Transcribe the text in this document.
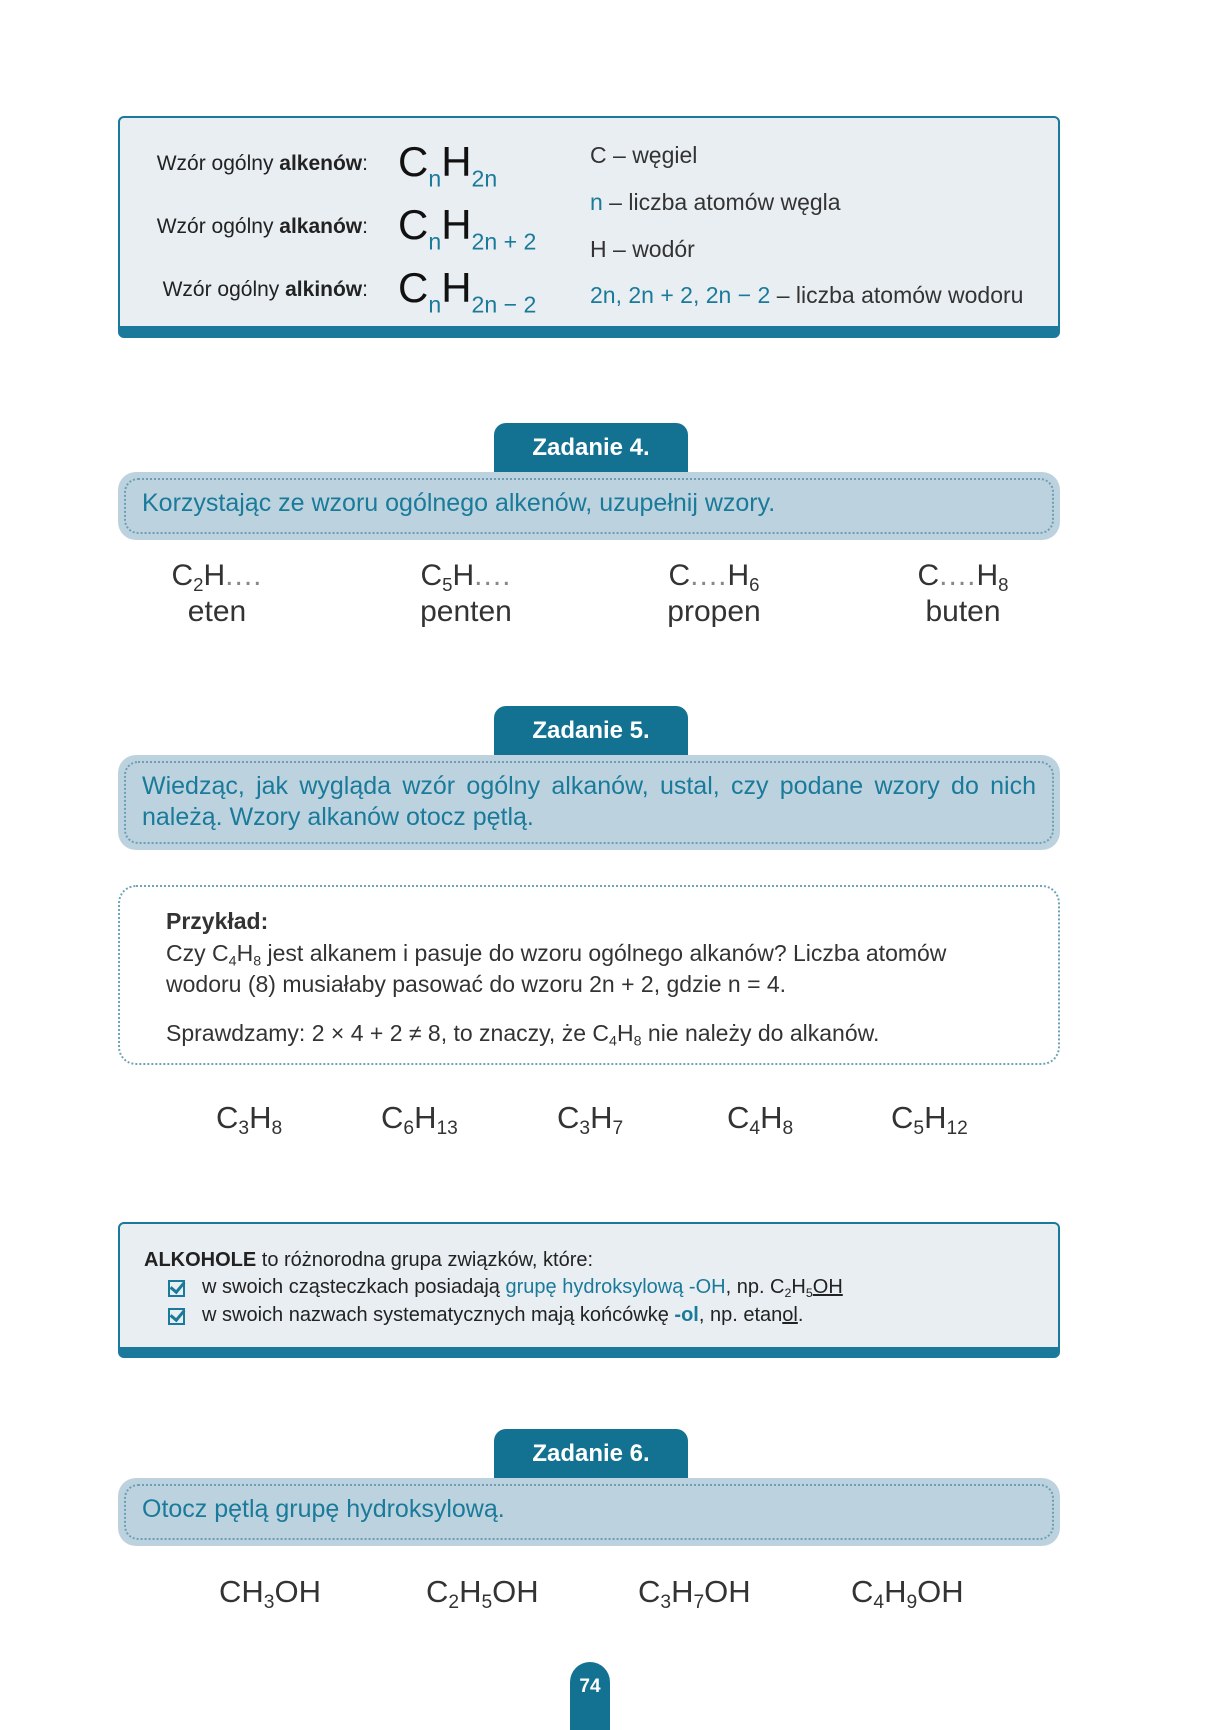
Wzór ogólny alkenów: $C_nH_{2n}$
Wzór ogólny alkanów: $C_nH_{2n + 2}$
Wzór ogólny alkinów: $C_nH_{2n - 2}$
C – węgiel
n – liczba atomów węgla
H – wodór
2n, 2n + 2, 2n − 2 – liczba atomów wodoru
Zadanie 4.
Korzystając ze wzoru ogólnego alkenów, uzupełnij wzory.
$C_2H$....
eten
$C_5H$....
penten
$C....H_6$
propen
$C....H_8$
buten
Zadanie 5.
Wiedząc, jak wygląda wzór ogólny alkanów, ustal, czy podane wzory do nich należą. Wzory alkanów otocz pętlą.
Przykład:
Czy $C_4H_8$ jest alkanem i pasuje do wzoru ogólnego alkanów? Liczba atomów
wodoru (8) musiałaby pasować do wzoru 2n + 2, gdzie n = 4.
Sprawdzamy: 2 × 4 + 2 ≠ 8, to znaczy, że $C_4H_8$ nie należy do alkanów.
$C_3H_8$	$C_6H_{13}$	$C_3H_7$	$C_4H_8$	$C_5H_{12}$
ALKOHOLE to różnorodna grupa związków, które:
w swoich cząsteczkach posiadają grupę hydroksylową -OH, np. $C_2H_5OH$
w swoich nazwach systematycznych mają końcówkę -ol, np. etanol.
Zadanie 6.
Otocz pętlą grupę hydroksylową.
$CH_3OH$	$C_2H_5OH$	$C_3H_7OH$	$C_4H_9OH$
74
